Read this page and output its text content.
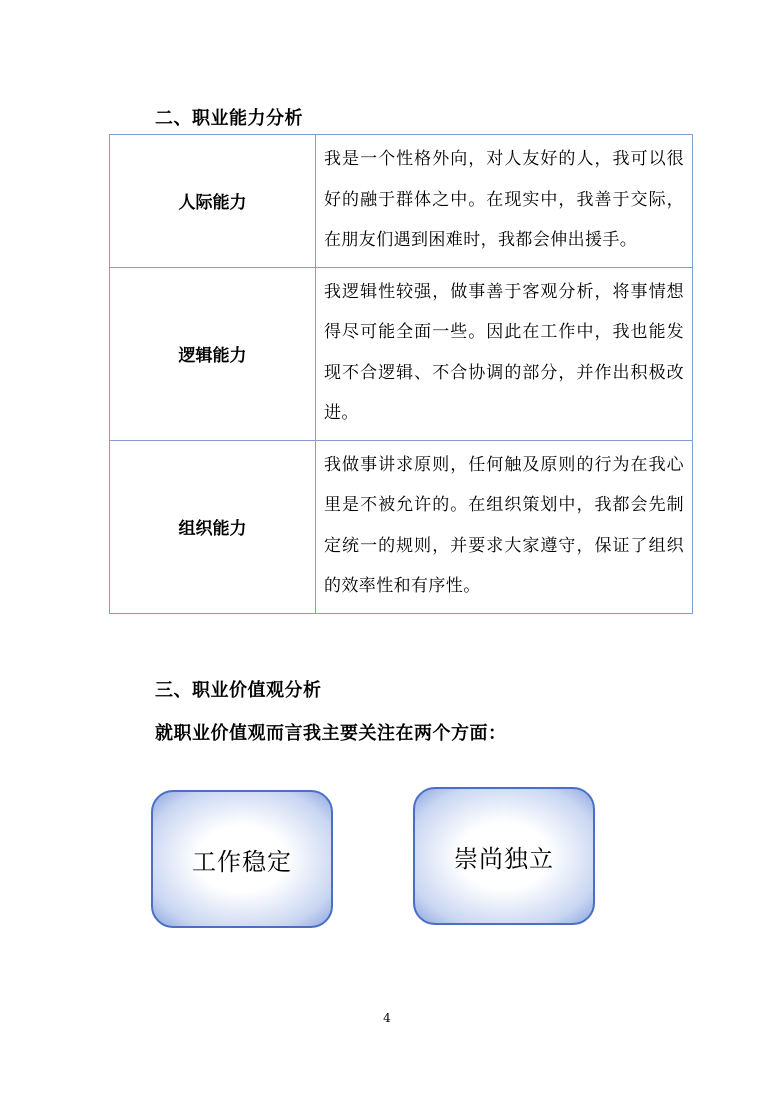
二、职业能力分析
人际能力	我是一个性格外向，对人友好的人，我可以很好的融于群体之中。在现实中，我善于交际，在朋友们遇到困难时，我都会伸出援手。
逻辑能力	我逻辑性较强，做事善于客观分析，将事情想得尽可能全面一些。因此在工作中，我也能发现不合逻辑、不合协调的部分，并作出积极改进。
组织能力	我做事讲求原则，任何触及原则的行为在我心里是不被允许的。在组织策划中，我都会先制定统一的规则，并要求大家遵守，保证了组织的效率性和有序性。
三、职业价值观分析
就职业价值观而言我主要关注在两个方面：
工作稳定	崇尚独立
4
